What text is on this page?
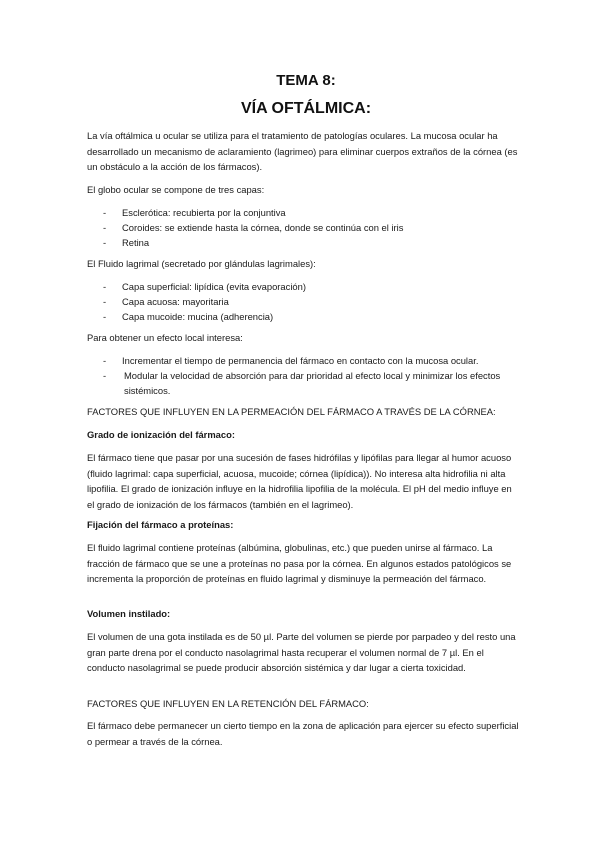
TEMA 8:
VÍA OFTÁLMICA:

La vía oftálmica u ocular se utiliza para el tratamiento de patologías oculares. La mucosa ocular ha desarrollado un mecanismo de aclaramiento (lagrimeo) para eliminar cuerpos extraños de la córnea (es un obstáculo a la acción de los fármacos).

El globo ocular se compone de tres capas:

- Esclerótica: recubierta por la conjuntiva
- Coroides: se extiende hasta la córnea, donde se continúa con el iris
- Retina

El Fluido lagrimal (secretado por glándulas lagrimales):

- Capa superficial: lipídica (evita evaporación)
- Capa acuosa: mayoritaria
- Capa mucoide: mucina (adherencia)

Para obtener un efecto local interesa:

- Incrementar el tiempo de permanencia del fármaco en contacto con la mucosa ocular.
- Modular la velocidad de absorción para dar prioridad al efecto local y minimizar los efectos sistémicos.

FACTORES QUE INFLUYEN EN LA PERMEACIÓN DEL FÁRMACO A TRAVÉS DE LA CÓRNEA:

Grado de ionización del fármaco:

El fármaco tiene que pasar por una sucesión de fases hidrófilas y lipófilas para llegar al humor acuoso (fluido lagrimal: capa superficial, acuosa, mucoide; córnea (lipídica)). No interesa alta hidrofilia ni alta lipofilia. El grado de ionización influye en la hidrofilia lipofilia de la molécula. El pH del medio influye en el grado de ionización de los fármacos (también en el lagrimeo).

Fijación del fármaco a proteínas:

El fluido lagrimal contiene proteínas (albúmina, globulinas, etc.) que pueden unirse al fármaco. La fracción de fármaco que se une a proteínas no pasa por la córnea. En algunos estados patológicos se incrementa la proporción de proteínas en fluido lagrimal y disminuye la permeación del fármaco.

Volumen instilado:

El volumen de una gota instilada es de 50 µl. Parte del volumen se pierde por parpadeo y del resto una gran parte drena por el conducto nasolagrimal hasta recuperar el volumen normal de 7 µl. En el conducto nasolagrimal se puede producir absorción sistémica y dar lugar a cierta toxicidad.

FACTORES QUE INFLUYEN EN LA RETENCIÓN DEL FÁRMACO:

El fármaco debe permanecer un cierto tiempo en la zona de aplicación para ejercer su efecto superficial o permear a través de la córnea.
